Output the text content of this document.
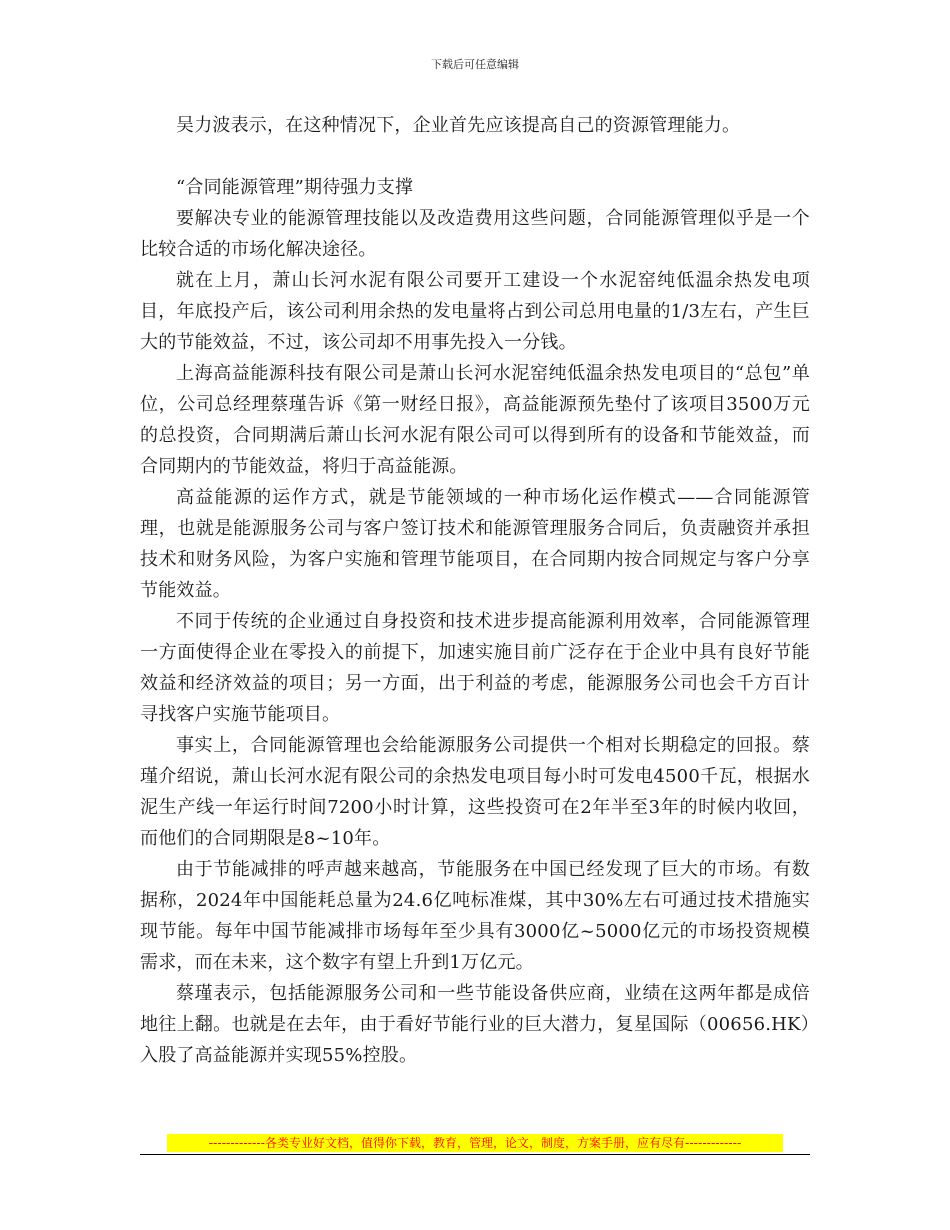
下载后可任意编辑

吴力波表示，在这种情况下，企业首先应该提高自己的资源管理能力。

“合同能源管理”期待强力支撑

要解决专业的能源管理技能以及改造费用这些问题，合同能源管理似乎是一个比较合适的市场化解决途径。

就在上月，萧山长河水泥有限公司要开工建设一个水泥窑纯低温余热发电项目，年底投产后，该公司利用余热的发电量将占到公司总用电量的1/3左右，产生巨大的节能效益，不过，该公司却不用事先投入一分钱。

上海高益能源科技有限公司是萧山长河水泥窑纯低温余热发电项目的“总包”单位，公司总经理蔡瑾告诉《第一财经日报》，高益能源预先垫付了该项目3500万元的总投资，合同期满后萧山长河水泥有限公司可以得到所有的设备和节能效益，而合同期内的节能效益，将归于高益能源。

高益能源的运作方式，就是节能领域的一种市场化运作模式——合同能源管理，也就是能源服务公司与客户签订技术和能源管理服务合同后，负责融资并承担技术和财务风险，为客户实施和管理节能项目，在合同期内按合同规定与客户分享节能效益。

不同于传统的企业通过自身投资和技术进步提高能源利用效率，合同能源管理一方面使得企业在零投入的前提下，加速实施目前广泛存在于企业中具有良好节能效益和经济效益的项目；另一方面，出于利益的考虑，能源服务公司也会千方百计寻找客户实施节能项目。

事实上，合同能源管理也会给能源服务公司提供一个相对长期稳定的回报。蔡瑾介绍说，萧山长河水泥有限公司的余热发电项目每小时可发电4500千瓦，根据水泥生产线一年运行时间7200小时计算，这些投资可在2年半至3年的时候内收回，而他们的合同期限是8~10年。

由于节能减排的呼声越来越高，节能服务在中国已经发现了巨大的市场。有数据称，2024年中国能耗总量为24.6亿吨标准煤，其中30%左右可通过技术措施实现节能。每年中国节能减排市场每年至少具有3000亿~5000亿元的市场投资规模需求，而在未来，这个数字有望上升到1万亿元。

蔡瑾表示，包括能源服务公司和一些节能设备供应商，业绩在这两年都是成倍地往上翻。也就是在去年，由于看好节能行业的巨大潜力，复星国际（00656.HK）入股了高益能源并实现55%控股。

-------------各类专业好文档，值得你下载，教育，管理，论文，制度，方案手册，应有尽有-------------
